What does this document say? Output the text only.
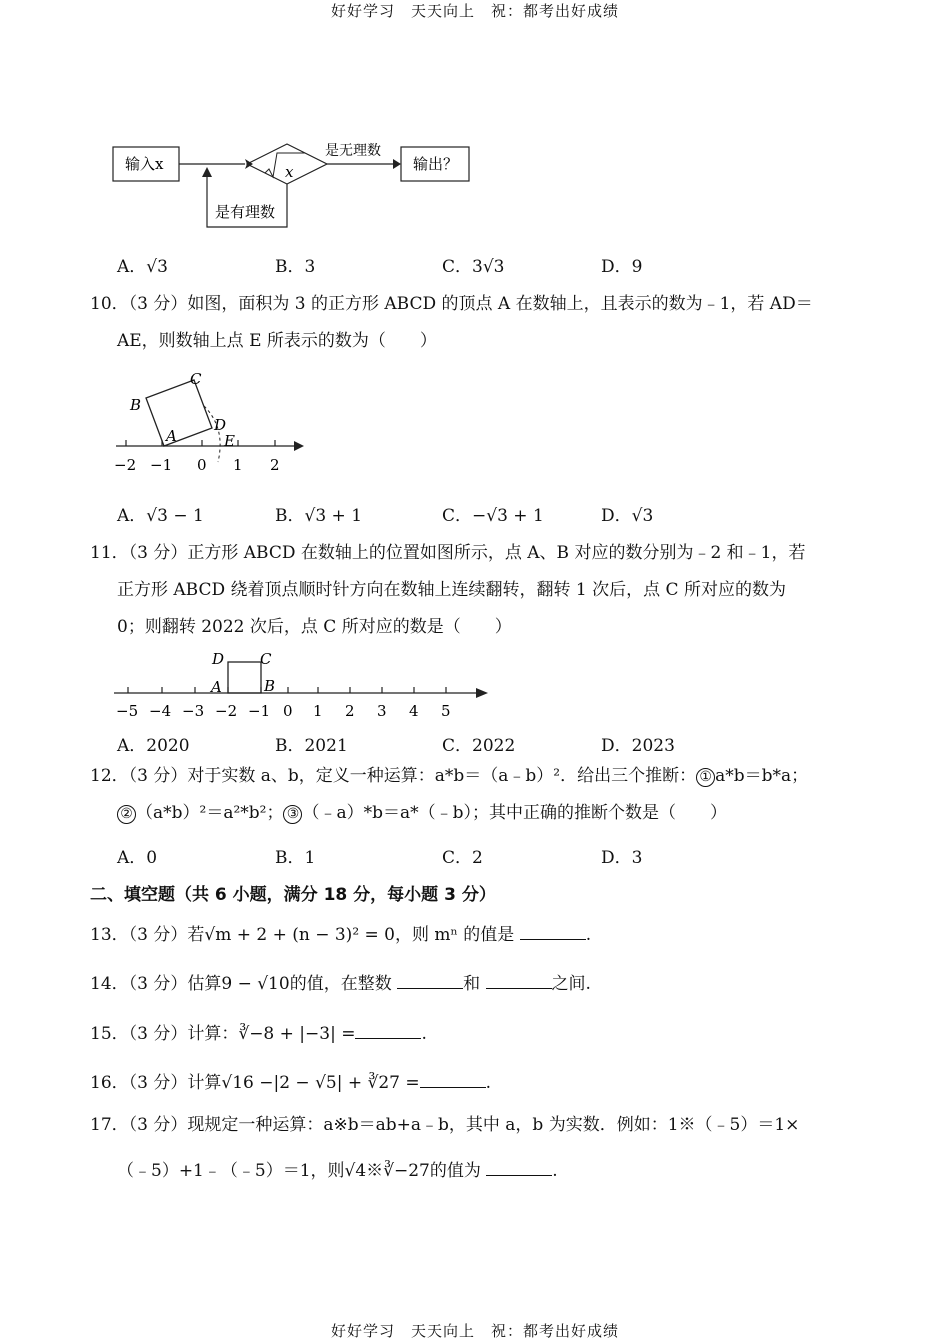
好好学习　天天向上　祝：都考出好成绩
好好学习　天天向上　祝：都考出好成绩
输入x	x
是无理数
输出？
是有理数
A．√3	B．3	C．3√3	D．9
10．（3 分）如图，面积为 3 的正方形 ABCD 的顶点 A 在数轴上，且表示的数为﹣1，若 AD＝
AE，则数轴上点 E 所表示的数为（　　）
C
B
D
A	E
−2 −1 0 1 2
A．√3 − 1	B．√3 + 1	C．−√3 + 1	D．√3
11．（3 分）正方形 ABCD 在数轴上的位置如图所示，点 A、B 对应的数分别为﹣2 和﹣1，若
正方形 ABCD 绕着顶点顺时针方向在数轴上连续翻转，翻转 1 次后，点 C 所对应的数为
0；则翻转 2022 次后，点 C 所对应的数是（　　）
D C
A	B
−5 −4 −3 −2 −1 0 1 2 3 4 5
A．2020	B．2021	C．2022	D．2023
12．（3 分）对于实数 a、b，定义一种运算：a*b＝（a﹣b）²．给出三个推断： ① a*b＝b*a；
② （a*b）²＝a²*b²； ③ （﹣a）*b＝a*（﹣b）；其中正确的推断个数是（　　）
A．0	B．1	C．2	D．3
二、填空题（共 6 小题，满分 18 分，每小题 3 分）
13．（3 分）若√m + 2 + (n − 3)² = 0，则 mⁿ 的值是	.
14．（3 分）估算9 − √10的值，在整数	和	之间.
15．（3 分）计算：∛−8 + |−3| =	.
16．（3 分）计算√16 −|2 − √5| + ∛27 =	.
17．（3 分）现规定一种运算：a※b＝ab+a﹣b，其中 a，b 为实数．例如：1※（﹣5）＝1×
（﹣5）+1﹣（﹣5）＝1，则√4※∛−27的值为	.
